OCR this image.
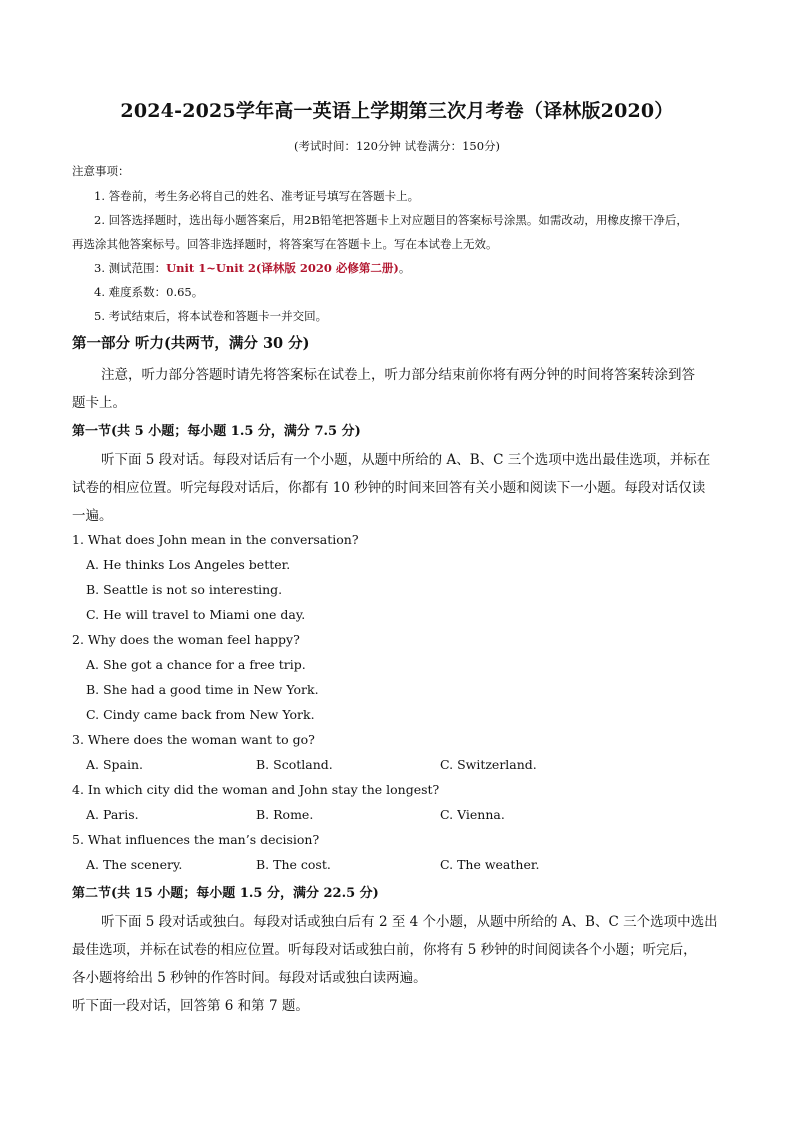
2024-2025学年高一英语上学期第三次月考卷（译林版2020）
(考试时间：120分钟 试卷满分：150分)
注意事项：
1. 答卷前，考生务必将自己的姓名、准考证号填写在答题卡上。
2. 回答选择题时，选出每小题答案后，用2B铅笔把答题卡上对应题目的答案标号涂黑。如需改动，用橡皮擦干净后，
再选涂其他答案标号。回答非选择题时，将答案写在答题卡上。写在本试卷上无效。
3. 测试范围：Unit 1~Unit 2(译林版 2020 必修第二册)。
4. 难度系数：0.65。
5. 考试结束后，将本试卷和答题卡一并交回。
第一部分 听力(共两节，满分 30 分)
注意，听力部分答题时请先将答案标在试卷上，听力部分结束前你将有两分钟的时间将答案转涂到答
题卡上。
第一节(共 5 小题；每小题 1.5 分，满分 7.5 分)
听下面 5 段对话。每段对话后有一个小题，从题中所给的 A、B、C 三个选项中选出最佳选项，并标在
试卷的相应位置。听完每段对话后，你都有 10 秒钟的时间来回答有关小题和阅读下一小题。每段对话仅读
一遍。
1. What does John mean in the conversation?
A. He thinks Los Angeles better.
B. Seattle is not so interesting.
C. He will travel to Miami one day.
2. Why does the woman feel happy?
A. She got a chance for a free trip.
B. She had a good time in New York.
C. Cindy came back from New York.
3. Where does the woman want to go?
A. Spain.	B. Scotland.	C. Switzerland.
4. In which city did the woman and John stay the longest?
A. Paris.	B. Rome.	C. Vienna.
5. What influences the man’s decision?
A. The scenery.	B. The cost.	C. The weather.
第二节(共 15 小题；每小题 1.5 分，满分 22.5 分)
听下面 5 段对话或独白。每段对话或独白后有 2 至 4 个小题，从题中所给的 A、B、C 三个选项中选出
最佳选项，并标在试卷的相应位置。听每段对话或独白前，你将有 5 秒钟的时间阅读各个小题；听完后，
各小题将给出 5 秒钟的作答时间。每段对话或独白读两遍。
听下面一段对话，回答第 6 和第 7 题。
